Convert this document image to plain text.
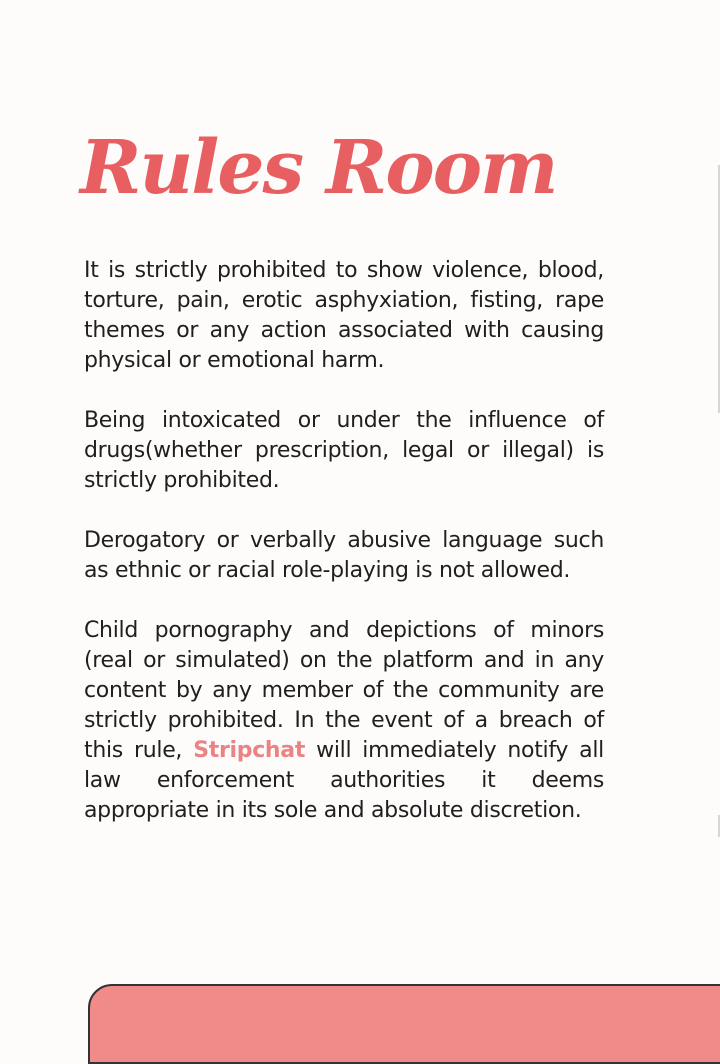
Rules Room

It is strictly prohibited to show violence, blood, torture, pain, erotic asphyxiation, fisting, rape themes or any action associated with causing physical or emotional harm.

Being intoxicated or under the influence of drugs(whether prescription, legal or illegal) is strictly prohibited.

Derogatory or verbally abusive language such as ethnic or racial role-playing is not allowed.

Child pornography and depictions of minors (real or simulated) on the platform and in any content by any member of the community are strictly prohibited. In the event of a breach of this rule, Stripchat will immediately notify all law enforcement authorities it deems appropriate in its sole and absolute discretion.
